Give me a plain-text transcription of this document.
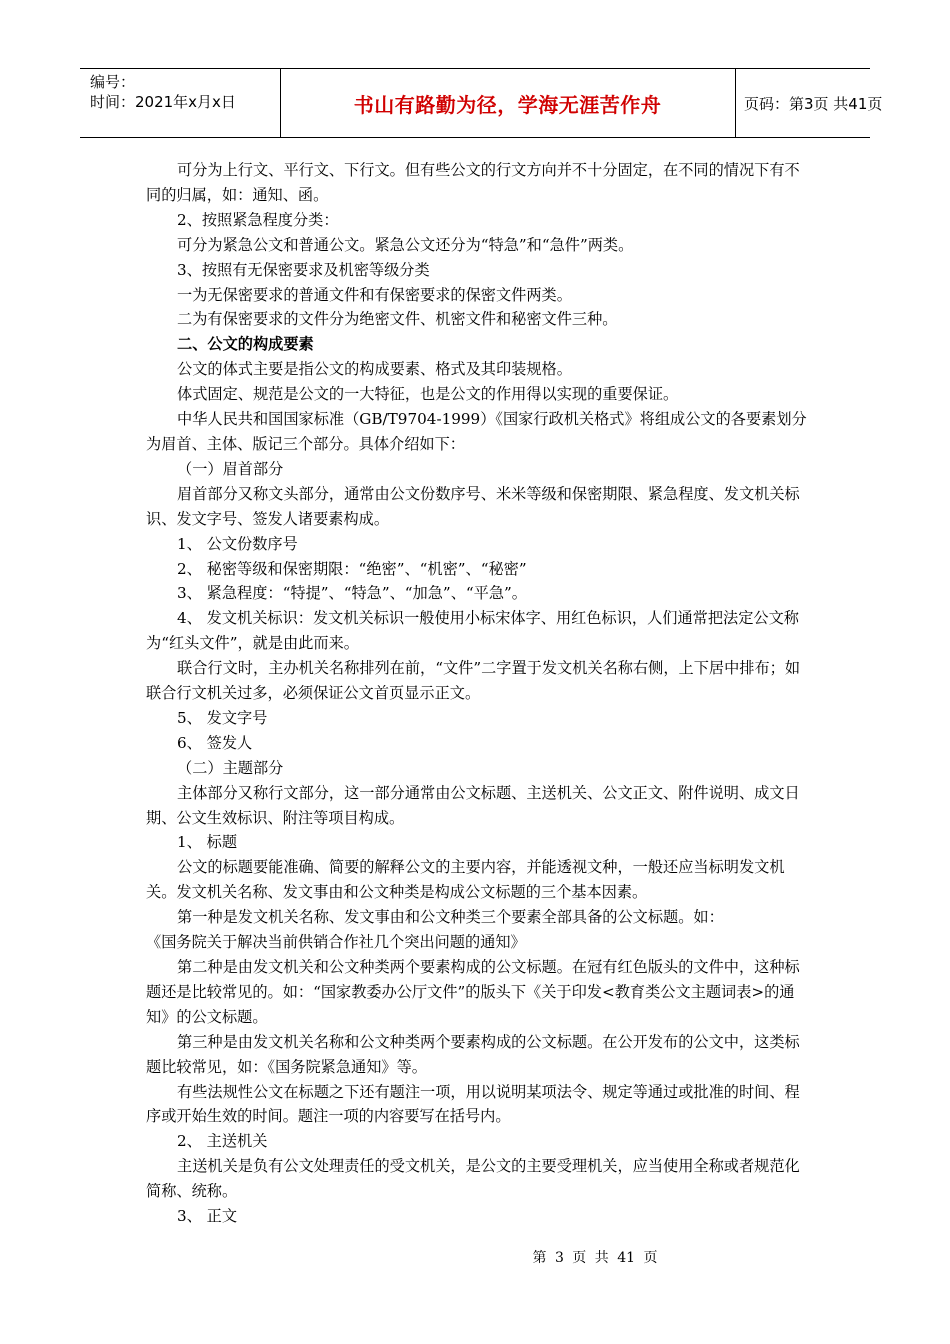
编号：
时间：2021年x月x日	书山有路勤为径，学海无涯苦作舟	页码：第3页 共41页

可分为上行文、平行文、下行文。但有些公文的行文方向并不十分固定，在不同的情况下有不同的归属，如：通知、函。

2、按照紧急程度分类：

可分为紧急公文和普通公文。紧急公文还分为“特急”和“急件”两类。

3、按照有无保密要求及机密等级分类

一为无保密要求的普通文件和有保密要求的保密文件两类。

二为有保密要求的文件分为绝密文件、机密文件和秘密文件三种。

二、公文的构成要素

公文的体式主要是指公文的构成要素、格式及其印装规格。

体式固定、规范是公文的一大特征，也是公文的作用得以实现的重要保证。

中华人民共和国国家标准（GB/T9704-1999）《国家行政机关格式》将组成公文的各要素划分为眉首、主体、版记三个部分。具体介绍如下：

（一）眉首部分

眉首部分又称文头部分，通常由公文份数序号、米米等级和保密期限、紧急程度、发文机关标识、发文字号、签发人诸要素构成。

1、 公文份数序号

2、 秘密等级和保密期限：“绝密”、“机密”、“秘密”

3、 紧急程度：“特提”、“特急”、“加急”、“平急”。

4、 发文机关标识：发文机关标识一般使用小标宋体字、用红色标识，人们通常把法定公文称为“红头文件”，就是由此而来。

联合行文时，主办机关名称排列在前，“文件”二字置于发文机关名称右侧，上下居中排布；如联合行文机关过多，必须保证公文首页显示正文。

5、 发文字号

6、 签发人

（二）主题部分

主体部分又称行文部分，这一部分通常由公文标题、主送机关、公文正文、附件说明、成文日期、公文生效标识、附注等项目构成。

1、 标题

公文的标题要能准确、简要的解释公文的主要内容，并能透视文种，一般还应当标明发文机关。发文机关名称、发文事由和公文种类是构成公文标题的三个基本因素。

第一种是发文机关名称、发文事由和公文种类三个要素全部具备的公文标题。如：

《国务院关于解决当前供销合作社几个突出问题的通知》

第二种是由发文机关和公文种类两个要素构成的公文标题。在冠有红色版头的文件中，这种标题还是比较常见的。如：“国家教委办公厅文件”的版头下《关于印发<教育类公文主题词表>的通知》的公文标题。

第三种是由发文机关名称和公文种类两个要素构成的公文标题。在公开发布的公文中，这类标题比较常见，如：《国务院紧急通知》等。

有些法规性公文在标题之下还有题注一项，用以说明某项法令、规定等通过或批准的时间、程序或开始生效的时间。题注一项的内容要写在括号内。

2、 主送机关

主送机关是负有公文处理责任的受文机关，是公文的主要受理机关，应当使用全称或者规范化简称、统称。

3、 正文

第 3 页 共 41 页
